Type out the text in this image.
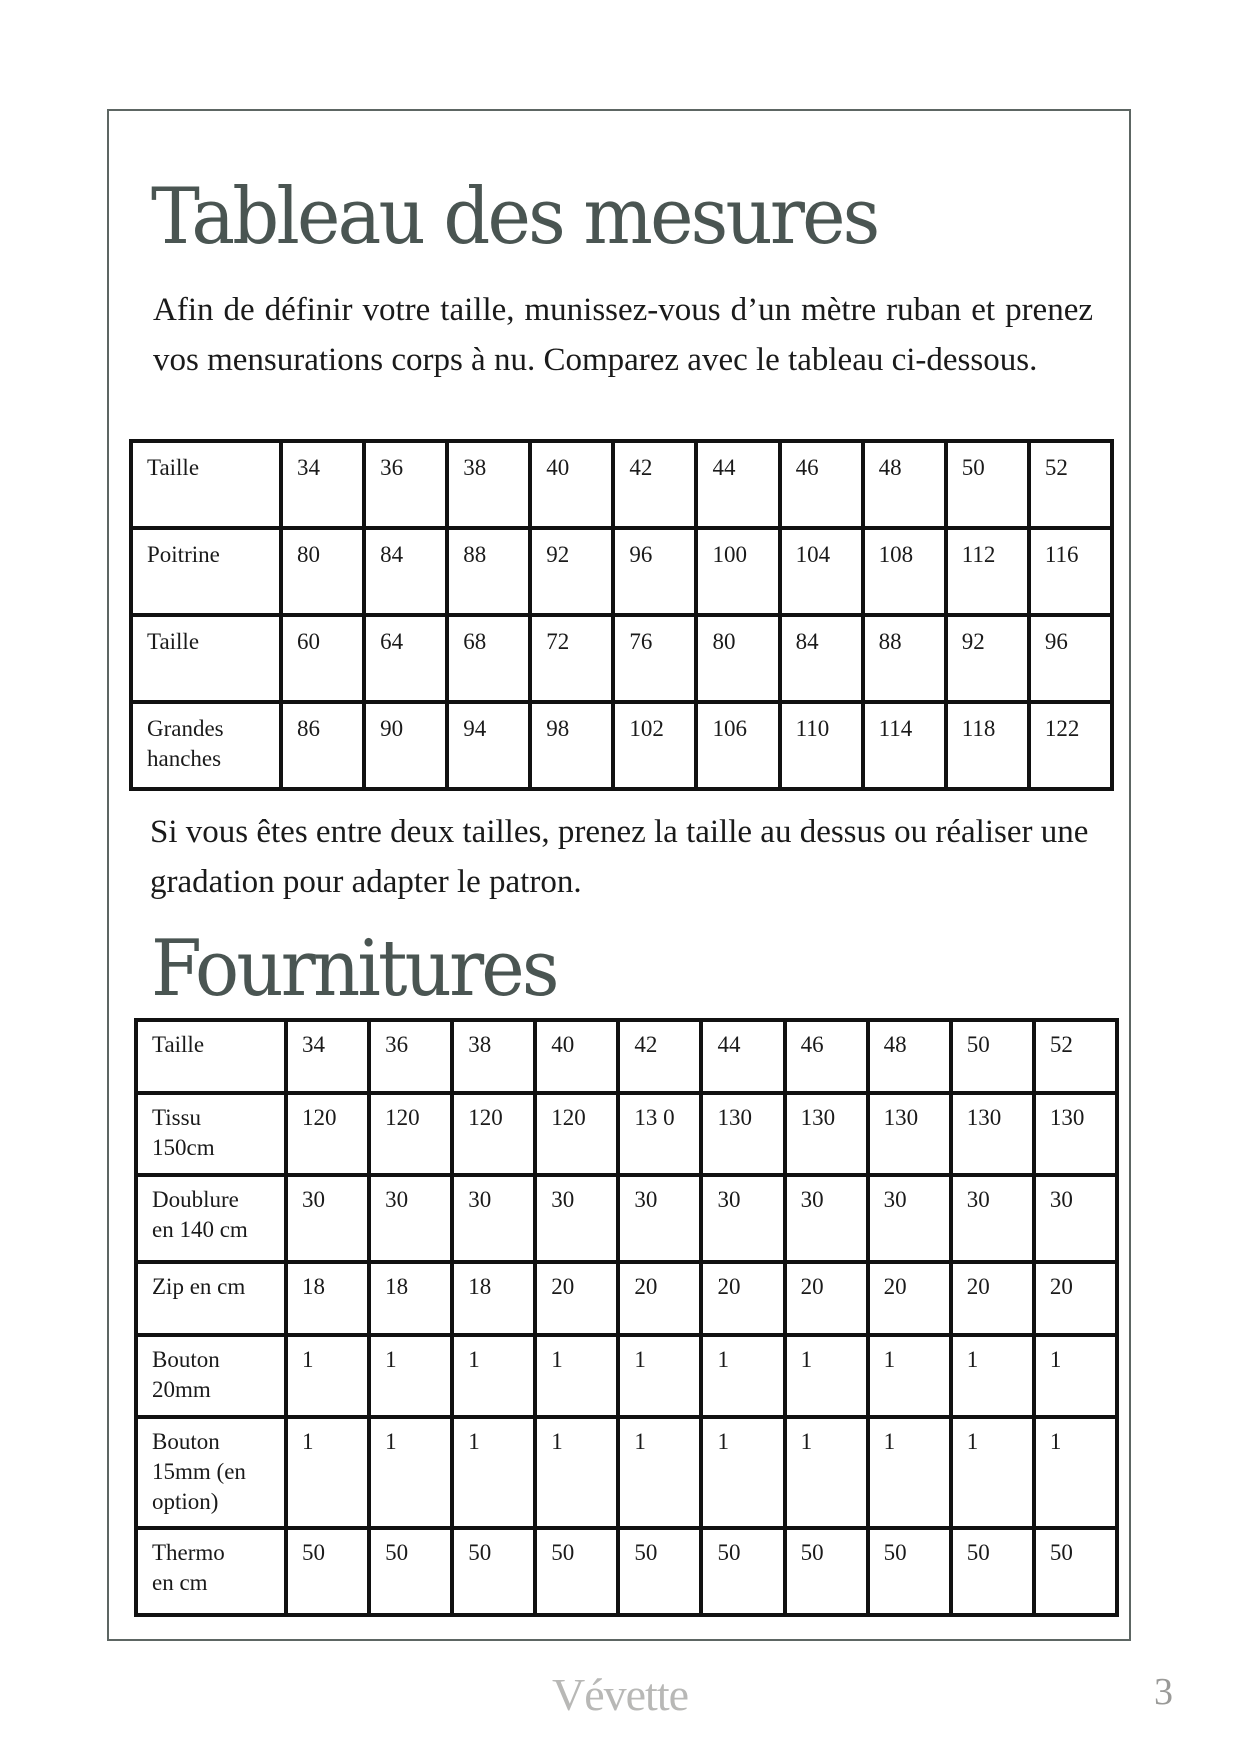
Tableau des mesures

Afin de définir votre taille, munissez-vous d’un mètre ruban et prenez vos mensurations corps à nu. Comparez avec le tableau ci-dessous.

Taille	34	36	38	40	42	44	46	48	50	52
Poitrine	80	84	88	92	96	100	104	108	112	116
Taille	60	64	68	72	76	80	84	88	92	96
Grandes
hanches	86	90	94	98	102	106	110	114	118	122

Si vous êtes entre deux tailles, prenez la taille au dessus ou réaliser une gradation pour adapter le patron.

Fournitures
Taille	34	36	38	40	42	44	46	48	50	52
Tissu
150cm	120	120	120	120	13 0	130	130	130	130	130
Doublure
en 140 cm	30	30	30	30	30	30	30	30	30	30
Zip en cm	18	18	18	20	20	20	20	20	20	20
Bouton
20mm	1	1	1	1	1	1	1	1	1	1
Bouton
15mm (en
option)	1	1	1	1	1	1	1	1	1	1
Thermo
en cm	50	50	50	50	50	50	50	50	50	50
Vévette	3
